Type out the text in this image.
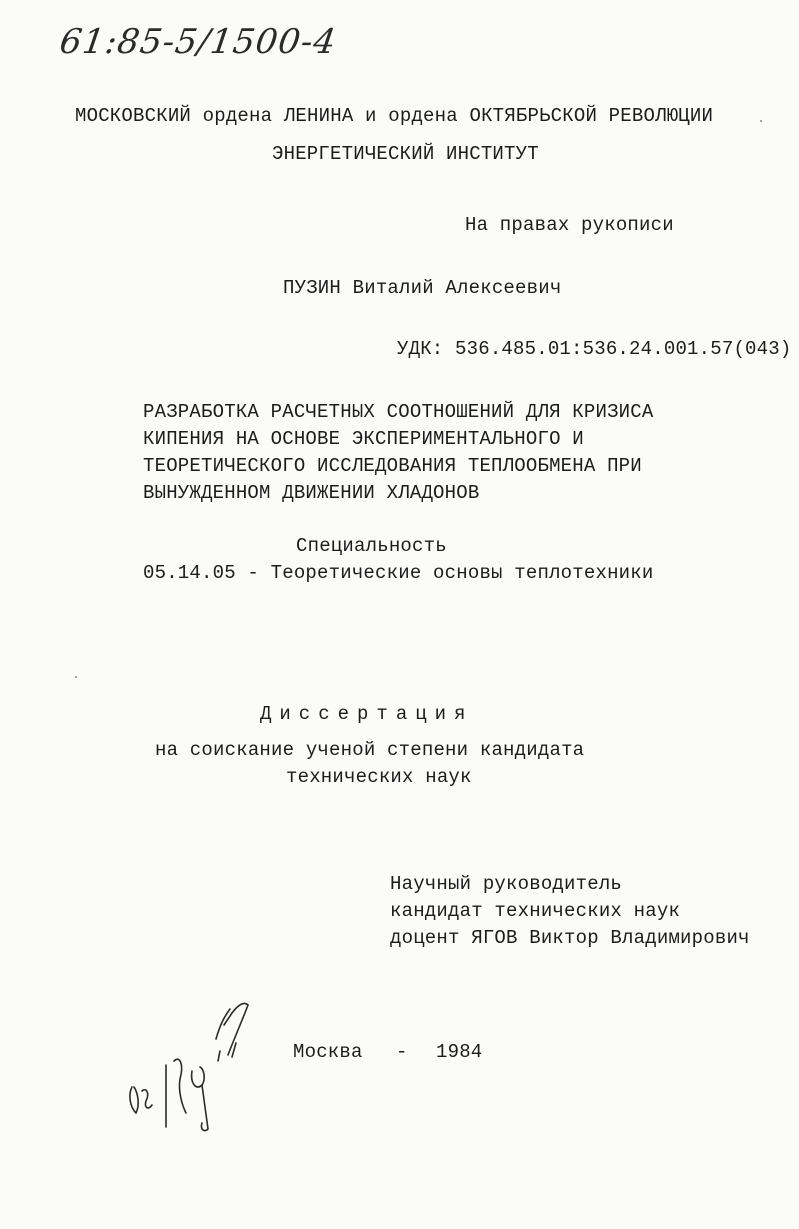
61:85-5/1500-4
МОСКОВСКИЙ ордена ЛЕНИНА и ордена ОКТЯБРЬСКОЙ РЕВОЛЮЦИИ
ЭНЕРГЕТИЧЕСКИЙ ИНСТИТУТ
На правах рукописи
ПУЗИН Виталий Алексеевич
УДК: 536.485.01:536.24.001.57(043)
РАЗРАБОТКА РАСЧЕТНЫХ СООТНОШЕНИЙ ДЛЯ КРИЗИСА
КИПЕНИЯ НА ОСНОВЕ ЭКСПЕРИМЕНТАЛЬНОГО И
ТЕОРЕТИЧЕСКОГО ИССЛЕДОВАНИЯ ТЕПЛООБМЕНА ПРИ
ВЫНУЖДЕННОМ ДВИЖЕНИИ ХЛАДОНОВ
Специальность
05.14.05 - Теоретические основы теплотехники
Диссертация
на соискание ученой степени кандидата
технических наук
Научный руководитель
кандидат технических наук
доцент ЯГОВ Виктор Владимирович
Москва - 1984
